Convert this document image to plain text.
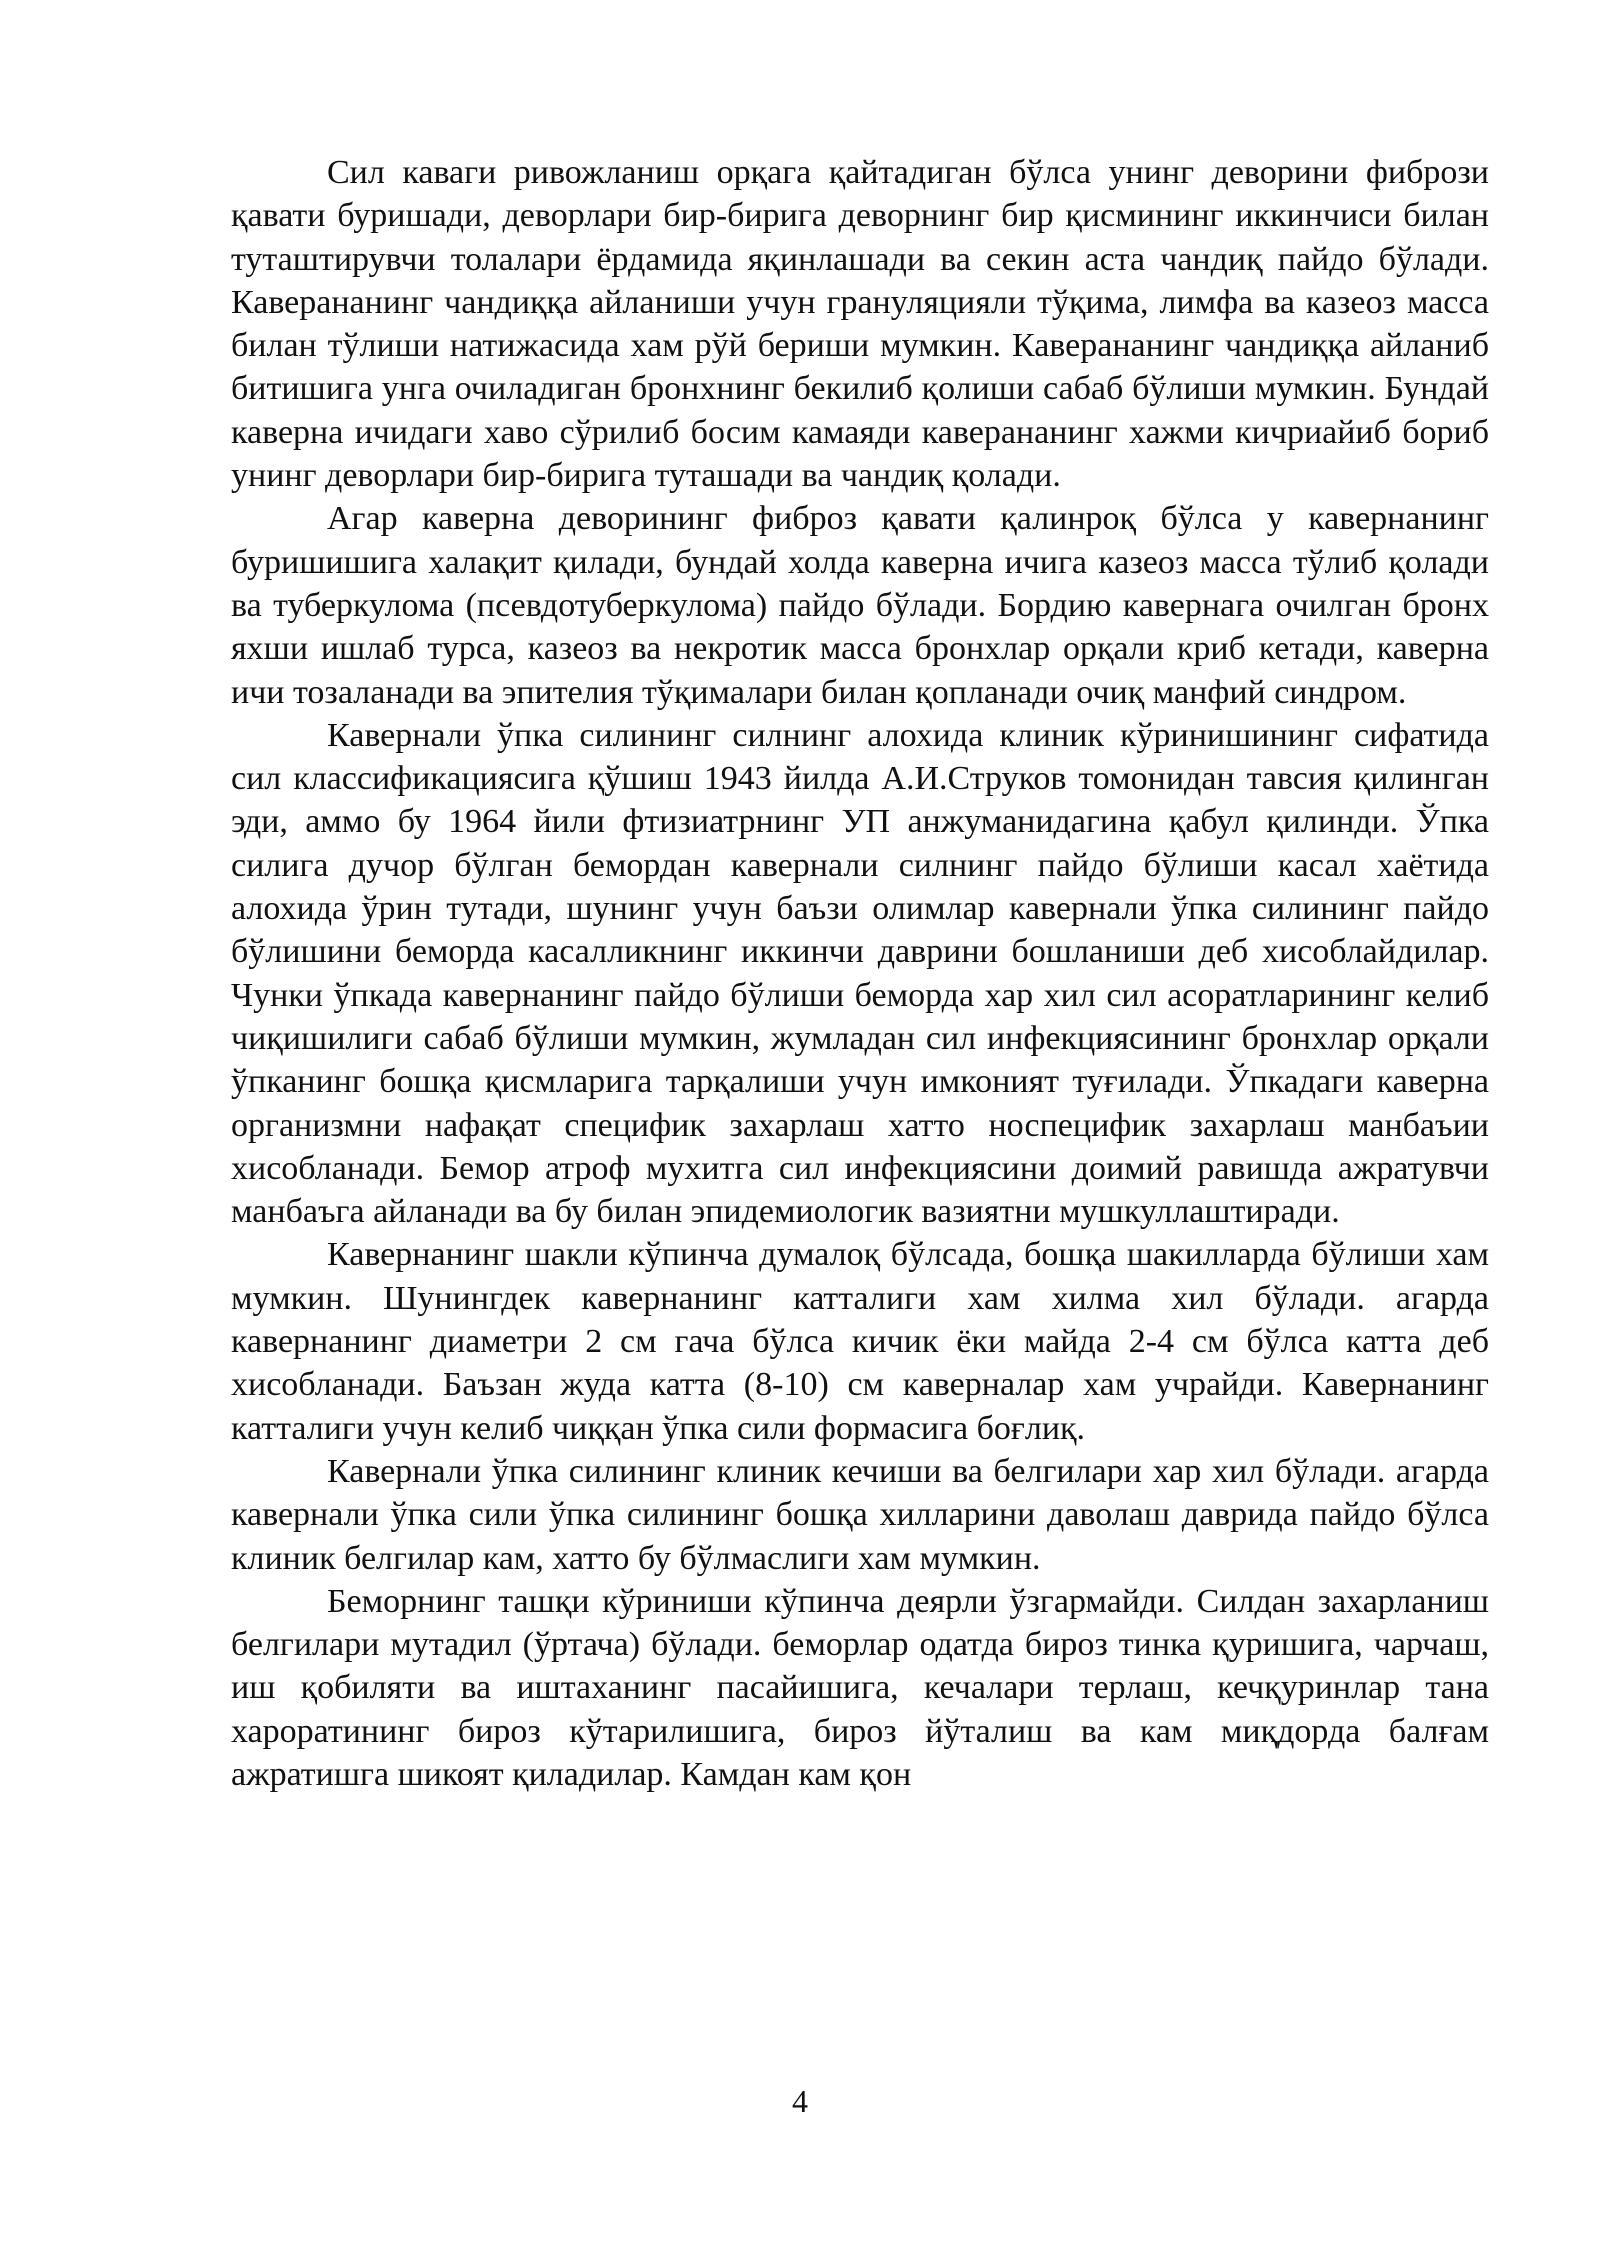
Сил каваги ривожланиш орқага қайтадиган бўлса унинг деворини фибрози қавати буришади, деворлари бир-бирига деворнинг бир қисмининг иккинчиси билан туташтирувчи толалари ёрдамида яқинлашади ва секин аста чандиқ пайдо бўлади. Каверананинг чандиққа айланиши учун грануляцияли тўқима, лимфа ва казеоз масса билан тўлиши натижасида хам рўй бериши мумкин. Каверананинг чандиққа айланиб битишига унга очиладиган бронхнинг бекилиб қолиши сабаб бўлиши мумкин. Бундай каверна ичидаги хаво сўрилиб босим камаяди каверананинг хажми кичриайиб бориб унинг деворлари бир-бирига туташади ва чандиқ қолади.

Агар каверна деворининг фиброз қавати қалинроқ бўлса у кавернанинг буришишига халақит қилади, бундай холда каверна ичига казеоз масса тўлиб қолади ва туберкулома (псевдотуберкулома) пайдо бўлади. Бордию кавернага очилган бронх яхши ишлаб турса, казеоз ва некротик масса бронхлар орқали криб кетади, каверна ичи тозаланади ва эпителия тўқималари билан қопланади очиқ манфий синдром.

Кавернали ўпка силининг силнинг алохида клиник кўринишининг сифатида сил классификациясига қўшиш 1943 йилда А.И.Струков томонидан тавсия қилинган эди, аммо бу 1964 йили фтизиатрнинг УП анжуманидагина қабул қилинди. Ўпка силига дучор бўлган бемордан кавернали силнинг пайдо бўлиши касал хаётида алохида ўрин тутади, шунинг учун баъзи олимлар кавернали ўпка силининг пайдо бўлишини беморда касалликнинг иккинчи даврини бошланиши деб хисоблайдилар. Чунки ўпкада кавернанинг пайдо бўлиши беморда хар хил сил асоратларининг келиб чиқишилиги сабаб бўлиши мумкин, жумладан сил инфекциясининг бронхлар орқали ўпканинг бошқа қисмларига тарқалиши учун имконият туғилади. Ўпкадаги каверна организмни нафақат специфик захарлаш хатто носпецифик захарлаш манбаъии хисобланади. Бемор атроф мухитга сил инфекциясини доимий равишда ажратувчи манбаъга айланади ва бу билан эпидемиологик вазиятни мушкуллаштиради.

Кавернанинг шакли кўпинча думалоқ бўлсада, бошқа шакилларда бўлиши хам мумкин. Шунингдек кавернанинг катталиги хам хилма хил бўлади. агарда кавернанинг диаметри 2 см гача бўлса кичик ёки майда 2-4 см бўлса катта деб хисобланади. Баъзан жуда катта (8-10) см каверналар хам учрайди. Кавернанинг катталиги учун келиб чиққан ўпка сили формасига боғлиқ.

Кавернали ўпка силининг клиник кечиши ва белгилари хар хил бўлади. агарда кавернали ўпка сили ўпка силининг бошқа хилларини даволаш даврида пайдо бўлса клиник белгилар кам, хатто бу бўлмаслиги хам мумкин.

Беморнинг ташқи кўриниши кўпинча деярли ўзгармайди. Силдан захарланиш белгилари мутадил (ўртача) бўлади. беморлар одатда бироз тинка қуришига, чарчаш, иш қобиляти ва иштаханинг пасайишига, кечалари терлаш, кечқуринлар тана хароратининг бироз кўтарилишига, бироз йўталиш ва кам миқдорда балғам ажратишга шикоят қиладилар. Камдан кам қон

4
